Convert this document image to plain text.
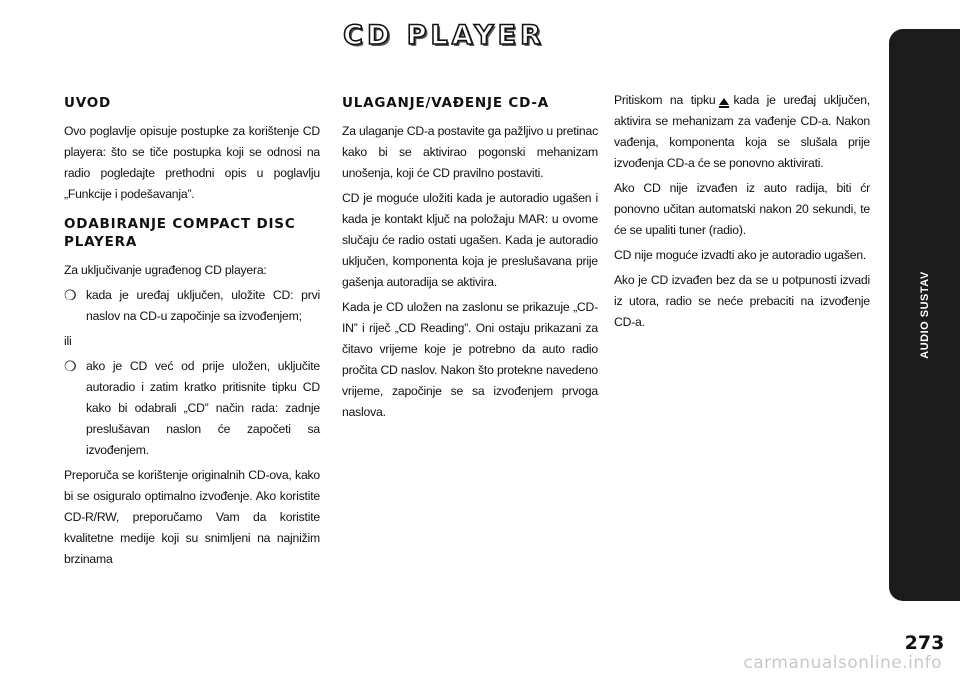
CD PLAYER
AUDIO SUSTAV
UVOD

Ovo poglavlje opisuje postupke za korištenje CD playera: što se tiče postupka koji se odnosi na radio pogledajte prethodni opis u poglavlju „Funkcije i podešavanja”.

ODABIRANJE COMPACT DISC PLAYERA

Za uključivanje ugrađenog CD playera:

❍ kada je uređaj uključen, uložite CD: prvi naslov na CD-u započinje sa izvođenjem;

ili

❍ ako je CD već od prije uložen, uključite autoradio i zatim kratko pritisnite tipku CD kako bi odabrali „CD” način rada: zadnje preslušavan naslon će započeti sa izvođenjem.

Preporuča se korištenje originalnih CD-ova, kako bi se osiguralo optimalno izvođenje. Ako koristite CD-R/RW, preporučamo Vam da koristite kvalitetne medije koji su snimljeni na najnižim brzinama

ULAGANJE/VAĐENJE CD-A

Za ulaganje CD-a postavite ga pažljivo u pretinac kako bi se aktivirao pogonski mehanizam unošenja, koji će CD pravilno postaviti.

CD je moguće uložiti kada je autoradio ugašen i kada je kontakt ključ na položaju MAR: u ovome slučaju će radio ostati ugašen. Kada je autoradio uključen, komponenta koja je preslušavana prije gašenja autoradija se aktivira.

Kada je CD uložen na zaslonu se prikazuje „CD-IN” i riječ „CD Reading”. Oni ostaju prikazani za čitavo vrijeme koje je potrebno da auto radio pročita CD naslov. Nakon što protekne navedeno vrijeme, započinje se sa izvođenjem prvoga naslova.

Pritiskom na tipku kada je uređaj uključen, aktivira se mehanizam za vađenje CD-a. Nakon vađenja, komponenta koja se slušala prije izvođenja CD-a će se ponovno aktivirati.

Ako CD nije izvađen iz auto radija, biti ćr ponovno učitan automatski nakon 20 sekundi, te će se upaliti tuner (radio).

CD nije moguće izvadti ako je autoradio ugašen.

Ako je CD izvađen bez da se u potpunosti izvadi iz utora, radio se neće prebaciti na izvođenje CD-a.

273
carmanualsonline.info
